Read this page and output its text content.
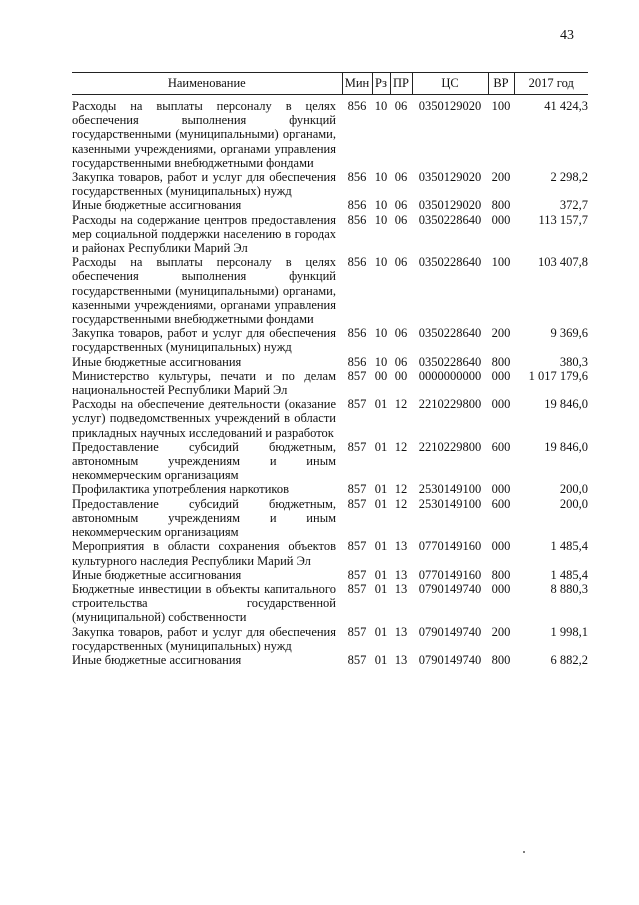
43
Наименование	Мин	Рз	ПР	ЦС	ВР	2017 год
Расходы на выплаты персоналу в целях обеспечения выполнения функций государственными (муниципальными) органами, казенными учреждениями, органами управления государственными внебюджетными фондами	856	10	06	0350129020	100	41 424,3
Закупка товаров, работ и услуг для обеспечения государственных (муниципальных) нужд	856	10	06	0350129020	200	2 298,2
Иные бюджетные ассигнования	856	10	06	0350129020	800	372,7
Расходы на содержание центров предоставления мер социальной поддержки населению в городах и районах Республики Марий Эл	856	10	06	0350228640	000	113 157,7
Расходы на выплаты персоналу в целях обеспечения выполнения функций государственными (муниципальными) органами, казенными учреждениями, органами управления государственными внебюджетными фондами	856	10	06	0350228640	100	103 407,8
Закупка товаров, работ и услуг для обеспечения государственных (муниципальных) нужд	856	10	06	0350228640	200	9 369,6
Иные бюджетные ассигнования	856	10	06	0350228640	800	380,3
Министерство культуры, печати и по делам национальностей Республики Марий Эл	857	00	00	0000000000	000	1 017 179,6
Расходы на обеспечение деятельности (оказание услуг) подведомственных учреждений в области прикладных научных исследований и разработок	857	01	12	2210229800	000	19 846,0
Предоставление субсидий бюджетным, автономным учреждениям и иным некоммерческим организациям	857	01	12	2210229800	600	19 846,0
Профилактика употребления наркотиков	857	01	12	2530149100	000	200,0
Предоставление субсидий бюджетным, автономным учреждениям и иным некоммерческим организациям	857	01	12	2530149100	600	200,0
Мероприятия в области сохранения объектов культурного наследия Республики Марий Эл	857	01	13	0770149160	000	1 485,4
Иные бюджетные ассигнования	857	01	13	0770149160	800	1 485,4
Бюджетные инвестиции в объекты капитального строительства государственной (муниципальной) собственности	857	01	13	0790149740	000	8 880,3
Закупка товаров, работ и услуг для обеспечения государственных (муниципальных) нужд	857	01	13	0790149740	200	1 998,1
Иные бюджетные ассигнования	857	01	13	0790149740	800	6 882,2
